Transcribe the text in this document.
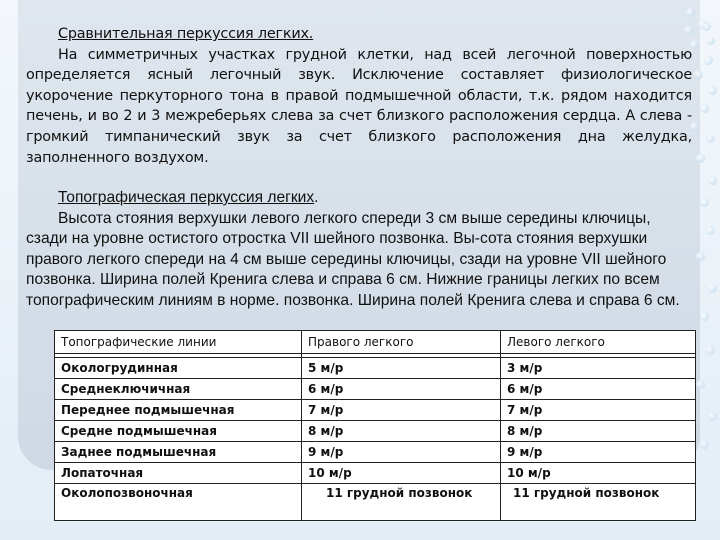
Сравнительная перкуссия легких.
На симметричных участках грудной клетки, над всей легочной поверхностью определяется ясный легочный звук. Исключение составляет физиологическое укорочение перкуторного тона в правой подмышечной области, т.к. рядом находится печень, и во 2 и 3 межреберьях слева за счет близкого расположения сердца. А слева - громкий тимпанический звук за счет близкого расположения дна желудка, заполненного воздухом.
Топографическая перкуссия легких.
Высота стояния верхушки левого легкого спереди 3 см выше середины ключицы, сзади на уровне остистого отростка VII шейного позвонка. Вы-сота стояния верхушки правого легкого спереди на 4 см выше середины ключицы, сзади на уровне VII шейного позвонка. Ширина полей Кренига слева и справа 6 см. Нижние границы легких по всем топографическим линиям в норме. позвонка. Ширина полей Кренига слева и справа 6 см.
Топографические линии	Правого легкого	Левого легкого

Окологрудинная	5 м/р	3 м/р
Среднеключичная	6 м/р	6 м/р
Переднее подмышечная	7 м/р	7 м/р
Средне подмышечная	8 м/р	8 м/р
Заднее подмышечная	9 м/р	9 м/р
Лопаточная	10 м/р	10 м/р
Околопозвоночная	11 грудной позвонок	11 грудной позвонок
